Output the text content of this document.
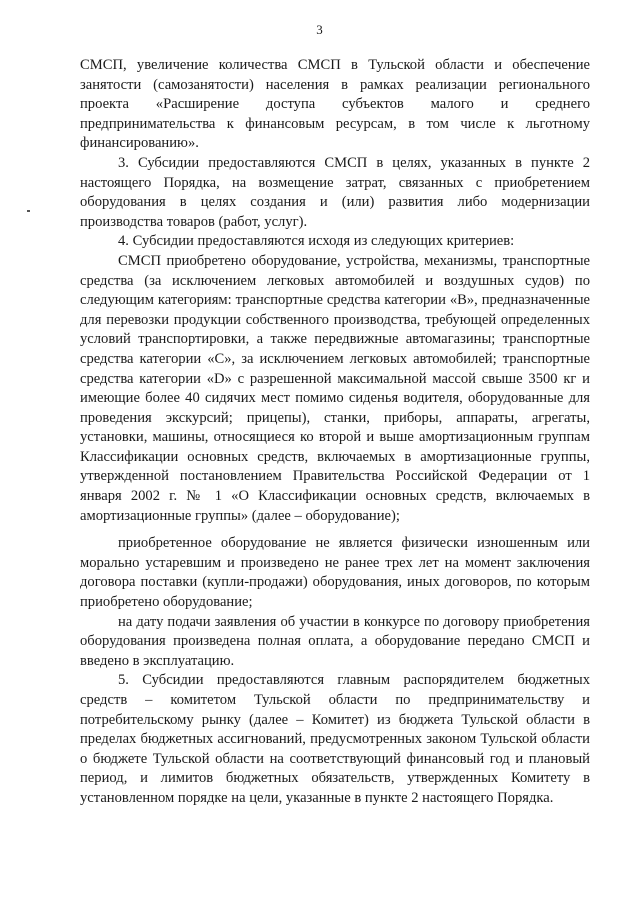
3

СМСП, увеличение количества СМСП в Тульской области и обеспечение занятости (самозанятости) населения в рамках реализации регионального проекта «Расширение доступа субъектов малого и среднего предпринимательства к финансовым ресурсам, в том числе к льготному финансированию».

3. Субсидии предоставляются СМСП в целях, указанных в пункте 2 настоящего Порядка, на возмещение затрат, связанных с приобретением оборудования в целях создания и (или) развития либо модернизации производства товаров (работ, услуг).

4. Субсидии предоставляются исходя из следующих критериев:

СМСП приобретено оборудование, устройства, механизмы, транспортные средства (за исключением легковых автомобилей и воздушных судов) по следующим категориям: транспортные средства категории «B», предназначенные для перевозки продукции собственного производства, требующей определенных условий транспортировки, а также передвижные автомагазины; транспортные средства категории «С», за исключением легковых автомобилей; транспортные средства категории «D» с разрешенной максимальной массой свыше 3500 кг и имеющие более 40 сидячих мест помимо сиденья водителя, оборудованные для проведения экскурсий; прицепы), станки, приборы, аппараты, агрегаты, установки, машины, относящиеся ко второй и выше амортизационным группам Классификации основных средств, включаемых в амортизационные группы, утвержденной постановлением Правительства Российской Федерации от 1 января 2002 г. № 1 «О Классификации основных средств, включаемых в амортизационные группы» (далее – оборудование);

приобретенное оборудование не является физически изношенным или морально устаревшим и произведено не ранее трех лет на момент заключения договора поставки (купли-продажи) оборудования, иных договоров, по которым приобретено оборудование;

на дату подачи заявления об участии в конкурсе по договору приобретения оборудования произведена полная оплата, а оборудование передано СМСП и введено в эксплуатацию.

5. Субсидии предоставляются главным распорядителем бюджетных средств – комитетом Тульской области по предпринимательству и потребительскому рынку (далее – Комитет) из бюджета Тульской области в пределах бюджетных ассигнований, предусмотренных законом Тульской области о бюджете Тульской области на соответствующий финансовый год и плановый период, и лимитов бюджетных обязательств, утвержденных Комитету в установленном порядке на цели, указанные в пункте 2 настоящего Порядка.
